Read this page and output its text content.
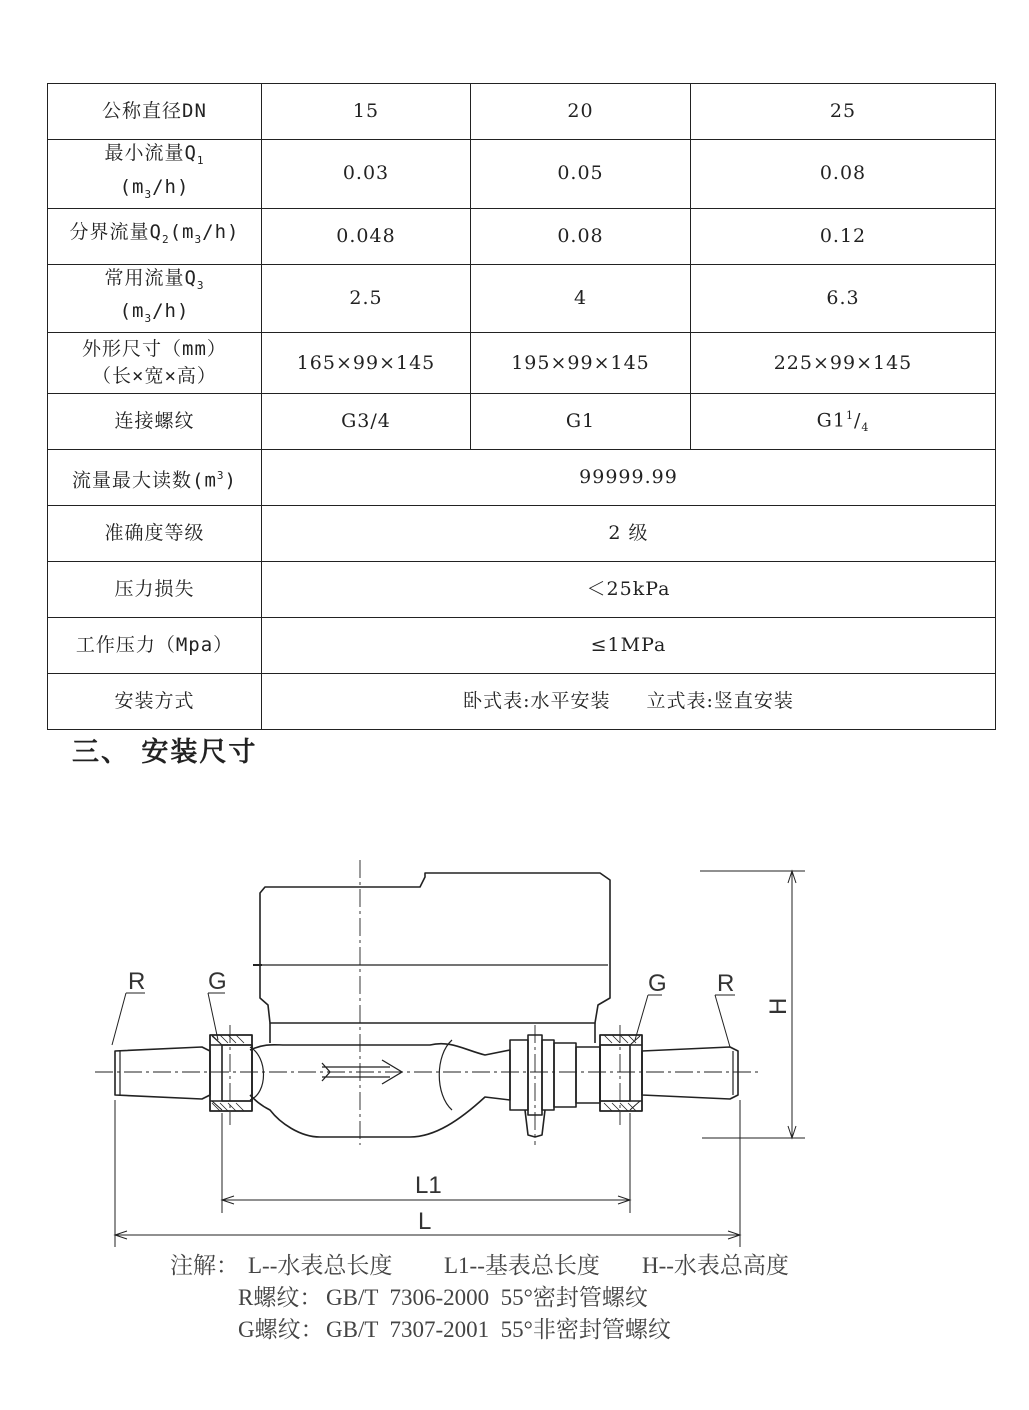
公称直径DN	15	20	25
最小流量$Q_1$
$(m_3/h)$	0.03	0.05	0.08
分界流量$Q_2(m_3/h)$	0.048	0.08	0.12
常用流量$Q_3$
$(m_3/h)$	2.5	4	6.3
外形尺寸（mm）
（长×宽×高）	165×99×145	195×99×145	225×99×145
连接螺纹	G3/4	G1	$G1^1/_4$
流量最大读数$(m^3)$	99999.99		
准确度等级	2 级		
压力损失	＜25kPa		
工作压力（Mpa）	≤1MPa		
安装方式	卧式表:水平安装 立式表:竖直安装		
三、 安装尺寸
R	G	G R
H
L1
L
注解： L--水表总长度 L1--基表总长度 H--水表总高度
R螺纹： GB/T  7306-2000  55°密封管螺纹
G螺纹： GB/T  7307-2001  55°非密封管螺纹
